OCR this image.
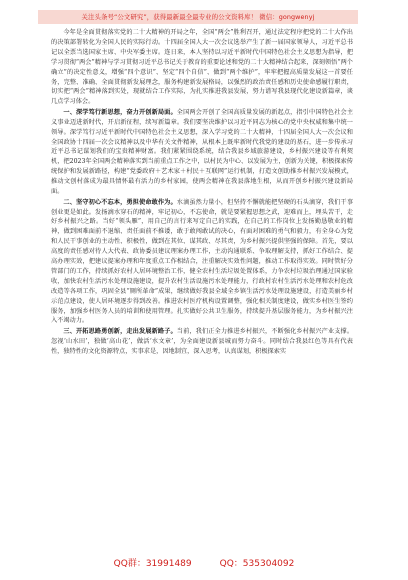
关注头条号“公文研究”，获得最新最全最专业的公文资料库！ 微信：gongwenyj

今年是全面贯彻落实党的二十大精神的开局之年，全国“两会”胜利召开，通过法定程序把党的二十大作出的决策部署转化为全国人民的实际行动。十四届全国人大一次会议选举产生了新一届国家领导人，习近平总书记以全票当选国家主席、中央军委主席。连日来，本人坚持以习近平新时代中国特色社会主义思想为指导，把学习贯彻“两会”精神与学习贯彻习近平总书记关于教育的重要论述和党的二十大精神结合起来，深刻领悟“两个确立”的决定性意义，增强“四个意识”、坚定“四个自信”、做到“两个维护”，牢牢把握高质量发展这一首要任务，完整、准确、全面贯彻新发展理念，服务构建新发展格局，以强烈的政治责任感和历史使命感履行职责，切实把“两会”精神落到实处，现就结合工作实际，为扎实推进我县发展，努力谱写我县现代化建设新篇章，谈几点学习体会。

一、深学笃行新思想，奋力开创新局面。全国两会开创了全国高质量发展的新起点，指引中国特色社会主义事业迈进新时代，开启新征程，续写新篇章。我们要坚决维护以习近平同志为核心的党中央权威和集中统一领导。深学笃行习近平新时代中国特色社会主义思想，深入学习党的二十大精神，十四届全国人大一次会议和全国政协十四届一次会议精神以及中华有关文件精神，从根本上既牢新时代我党的建设的基石，进一步传承习近平总书记谋划我们的宝贵精神财富。我们紧紧围绕系统，结合我县乡域旅游建设，乡村振兴建设等有利契机，把2023年全国两会精神落实到当前重点工作之中，以村民为中心、以发展为主，创新为关键，积极探索传统保护和发展新路径，构建“党委政府＋艺术家＋村民＋互联网”运行机制，打造文创助推乡村振兴发展模式，推动文创村落成为最具情怀最有活力的乡村家园，使两会精神在我县落地生根，从而开创乡村振兴建设新局面。

二、坚守初心不忘本，勇担使命敢作为。水滴虽然力量小，但坚持不懈就能把坚硬的石头滴穿，我们干事创业更是如此。发扬滴水穿石的精神，牢记初心，不忘使命，就是要紧握思想之武，迎难而上，埋头苦干，走好乡村振兴之路。当好“领头雁”，用自己的言行来写定自己的实践，在自己的工作岗位上发扬勤恳敬业的精神，做到困难面前不退缩、责任面前不推诿，敢于敢闯敢试的决心，有面对困难的勇气和毅力，有全身心为党和人民干事创业的主动性、积极性，做到在其位、谋其政、尽其责，为乡村振兴提供坚强的保障。首先，要以高度的责任感对待人大代表、政协委员建议理案办理工作，主动沟通联系、争取理解支持，抓好工作结合、提高办理实效，把建议提案办理和年度重点工作相结合，注重解决实效性问题，推动工作取得实效。同时管好分管部门的工作，持续抓好农村人居环境整治工作，健全农村生活垃圾处置体系，力争农村垃圾治理通过国家验收，加快农村生活污水处理设施建设，提升农村生活设施污水处理能力，行政村农村生活污水处理和农村危改改造等各项工作，巩固全县“厕所革命”成果，继续做好我县全域全乡镇生活污水处理设施建设，打造美丽乡村示范点建设，使人居环境逐步得到改善。推进农村医疗机构设置调整，强化相关制度建设，做实乡村医生签约服务，加强乡村医务人员的培训和使用管理。扎实做好公共卫生服务，持续提升基层服务能力，为乡村振兴注入不竭动力。

三、开拓思路勇创新，走出发展新路子。当前，我们正全力推进乡村振兴，不断强化乡村振兴产业支撑。忽视‘山水田’，独做‘高山花’，做活‘水文章’，为全面建设新县城而努力奋斗。同时结合我县红色等具有代表性，独特性的文化资源特点，实事求是，因地制宜，深入思考，认真谋划，积极探索实

QQ群：31991489	QQ：535304092
